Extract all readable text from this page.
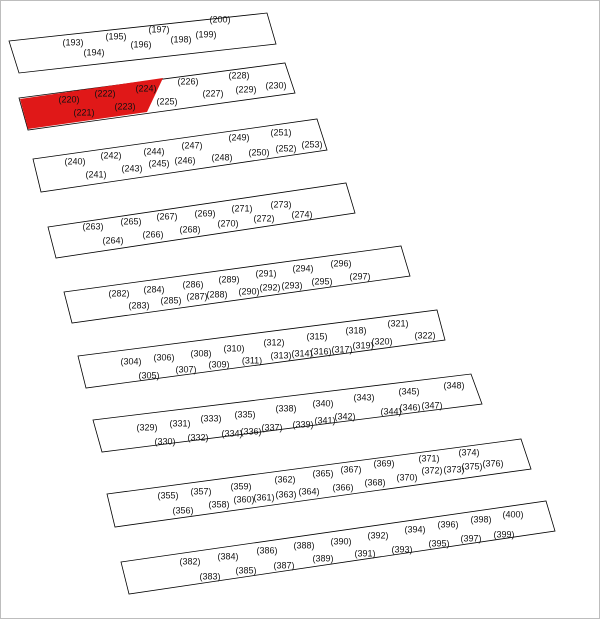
(193)
(194)
(195)
(196)
(197)
(198) (199)
(200)
(220)
(221)
(222)
(223)
(224)
(225)
(226)
(227)
(228)
(229) (230)
(240)
(241)
(242)
(243)
(244)
(245) (246)
(247)
(248)
(249)
(250)
(251)
(252) (253)
(263)
(264)
(265)
(266)
(267)
(268)
(269)
(270)
(271)
(272)
(273)
(274)
(282)
(283)
(284)
(285)
(286)
(287)
(288)
(289)
(290)
(291)
(292) (293)
(294)
(295)
(296)
(297)
(304)
(305)
(306)
(307)
(308)
(309)
(310)
(311)
(312)
(313) (314)
(315)
(316) (317)
(318)
(319)
(320)
(321)
(322)
(329)
(330)
(331)
(332)
(333)
(334)
(335)
(336) (337)
(338)
(339)
(340)
(341)
(342)
(343)
(344)
(345)
(346) (347)
(348)
(355)
(356)
(357)
(358)
(359)
(360)
(361)
(362)
(363) (364)
(365)
(366)
(367)
(368)
(369)
(370)
(371)
(372) (373)
(374)
(375) (376)
(382)
(383)
(384)
(385)
(386)
(387)
(388)
(389)
(390)
(391)
(392)
(393)
(394)
(395)
(396)
(397)
(398)
(399)
(400)
